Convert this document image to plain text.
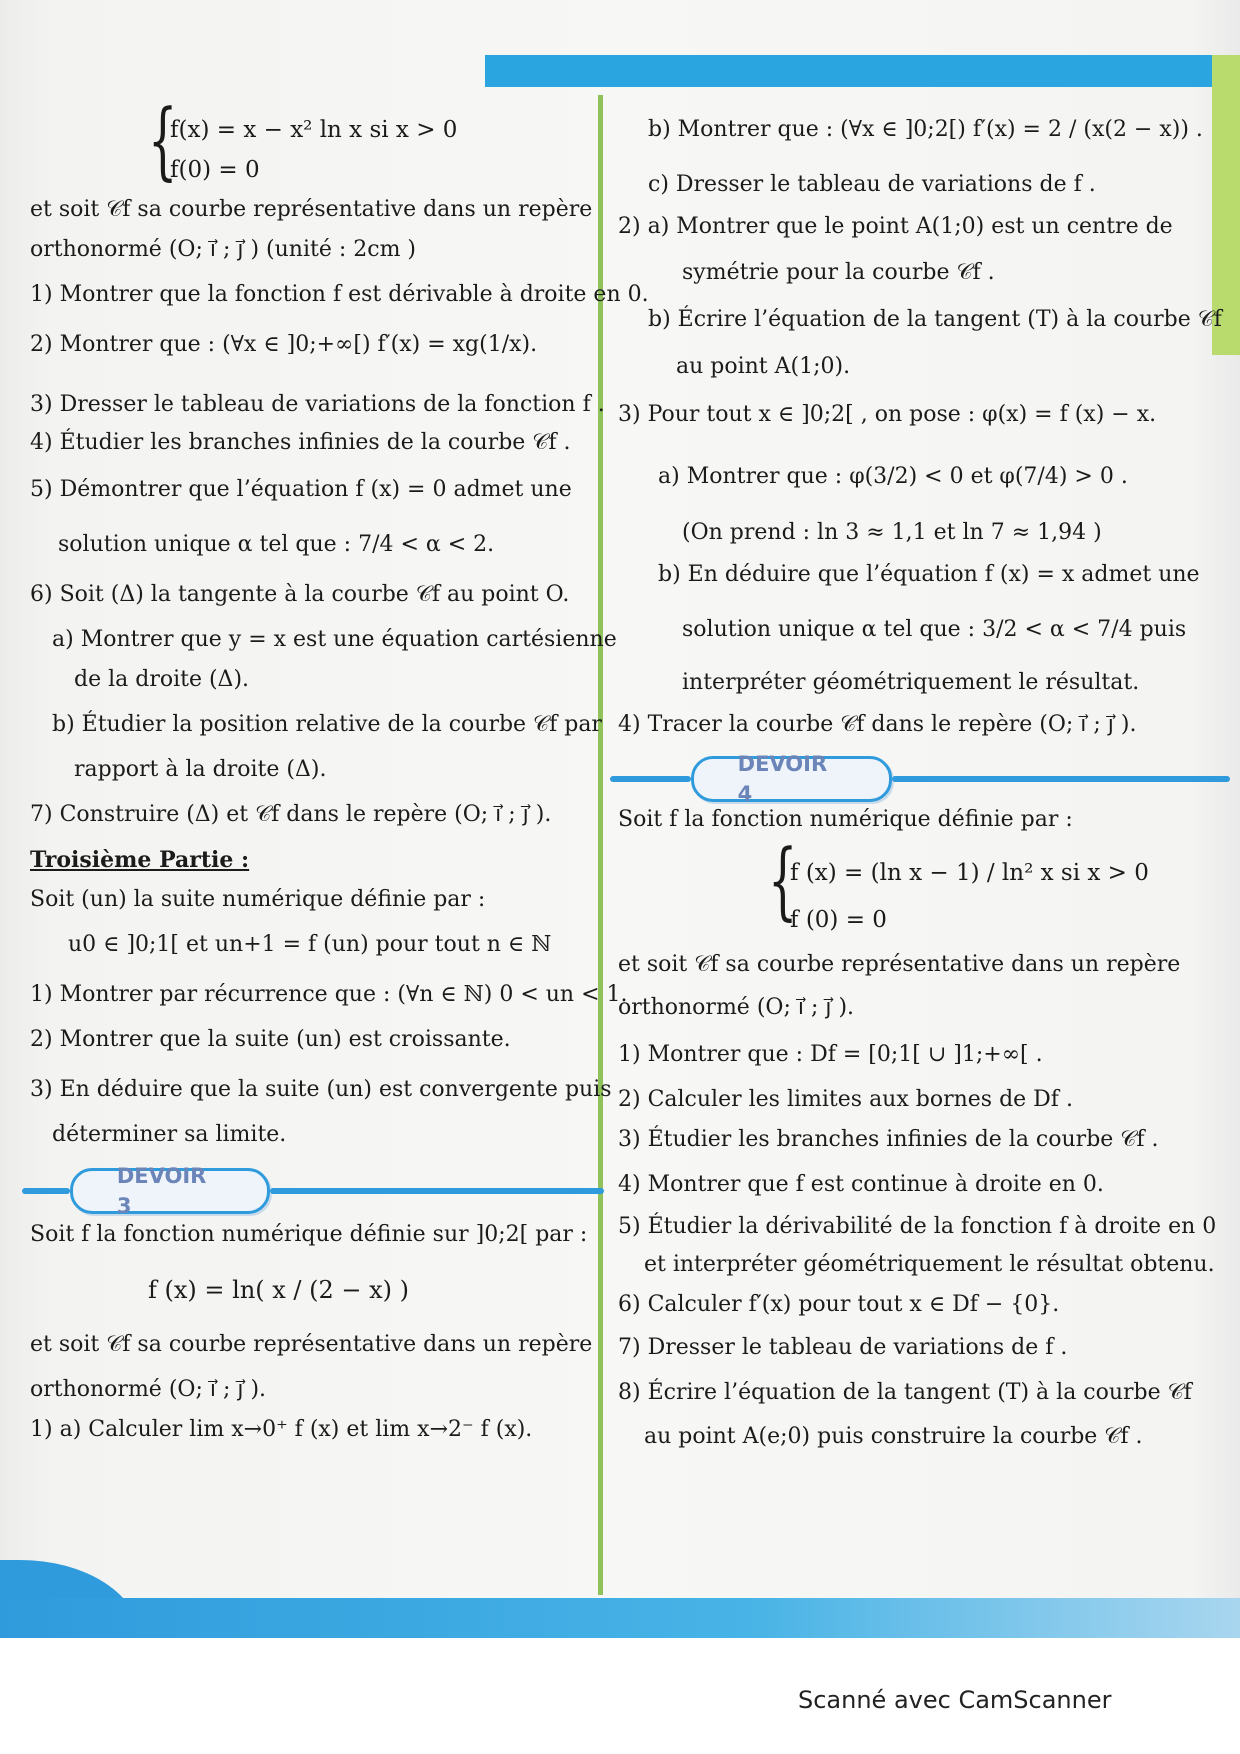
{
f(x) = x − x² ln x si x > 0
f(0) = 0
et soit 𝒞f sa courbe représentative dans un repère
orthonormé (O; i⃗ ; j⃗ ) (unité : 2cm )
1) Montrer que la fonction f est dérivable à droite en 0.
2) Montrer que : (∀x ∈ ]0;+∞[) f′(x) = xg(1/x).
3) Dresser le tableau de variations de la fonction f .
4) Étudier les branches infinies de la courbe 𝒞f .
5) Démontrer que l’équation f (x) = 0 admet une
solution unique α tel que : 7/4 < α < 2.
6) Soit (Δ) la tangente à la courbe 𝒞f au point O.
a) Montrer que y = x est une équation cartésienne
de la droite (Δ).
b) Étudier la position relative de la courbe 𝒞f par
rapport à la droite (Δ).
7) Construire (Δ) et 𝒞f dans le repère (O; i⃗ ; j⃗ ).
Troisième Partie :
Soit (un) la suite numérique définie par :
u0 ∈ ]0;1[ et un+1 = f (un) pour tout n ∈ ℕ
1) Montrer par récurrence que : (∀n ∈ ℕ) 0 < un < 1.
2) Montrer que la suite (un) est croissante.
3) En déduire que la suite (un) est convergente puis
déterminer sa limite.
DEVOIR 3
Soit f la fonction numérique définie sur ]0;2[ par :
f (x) = ln( x / (2 − x) )
et soit 𝒞f sa courbe représentative dans un repère
orthonormé (O; i⃗ ; j⃗ ).
1) a) Calculer lim x→0⁺ f (x) et lim x→2⁻ f (x).
b) Montrer que : (∀x ∈ ]0;2[) f′(x) = 2 / (x(2 − x)) .
c) Dresser le tableau de variations de f .
2) a) Montrer que le point A(1;0) est un centre de
symétrie pour la courbe 𝒞f .
b) Écrire l’équation de la tangent (T) à la courbe 𝒞f
au point A(1;0).
3) Pour tout x ∈ ]0;2[ , on pose : φ(x) = f (x) − x.
a) Montrer que : φ(3/2) < 0 et φ(7/4) > 0 .
(On prend : ln 3 ≈ 1,1 et ln 7 ≈ 1,94 )
b) En déduire que l’équation f (x) = x admet une
solution unique α tel que : 3/2 < α < 7/4 puis
interpréter géométriquement le résultat.
4) Tracer la courbe 𝒞f dans le repère (O; i⃗ ; j⃗ ).
DEVOIR 4
Soit f la fonction numérique définie par :
{
f (x) = (ln x − 1) / ln² x si x > 0
f (0) = 0
et soit 𝒞f sa courbe représentative dans un repère
orthonormé (O; i⃗ ; j⃗ ).
1) Montrer que : Df = [0;1[ ∪ ]1;+∞[ .
2) Calculer les limites aux bornes de Df .
3) Étudier les branches infinies de la courbe 𝒞f .
4) Montrer que f est continue à droite en 0.
5) Étudier la dérivabilité de la fonction f à droite en 0
et interpréter géométriquement le résultat obtenu.
6) Calculer f′(x) pour tout x ∈ Df − {0}.
7) Dresser le tableau de variations de f .
8) Écrire l’équation de la tangent (T) à la courbe 𝒞f
au point A(e;0) puis construire la courbe 𝒞f .
Scanné avec CamScanner
